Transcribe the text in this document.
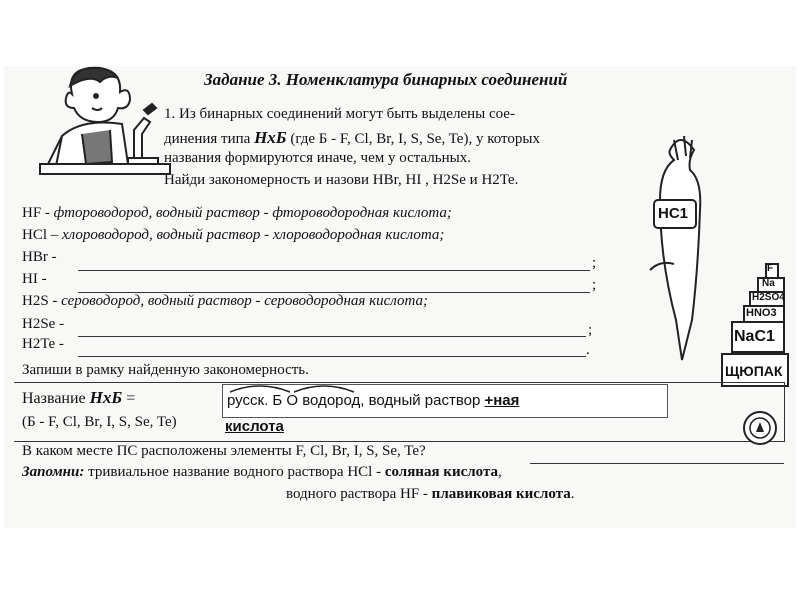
Задание 3. Номенклатура бинарных соединений
1. Из бинарных соединений могут быть выделены сое-
динения типа НxБ (где Б - F, Cl, Br, I, S, Se, Te), у которых
названия формируются иначе, чем у остальных.
Найди закономерность и назови HBr, HI , H2Se и H2Te.
HF - фтороводород, водный раствор - фтороводородная кислота;
HCl – хлороводород, водный раствор - хлороводородная кислота;
HBr -	;
HI -	;
H2S - сероводород, водный раствор - сероводородная кислота;
H2Se -	;
H2Te -	.
HC1
F
Na
H2SO4
HNO3
NaC1
ЩЮПАК
Запиши в рамку найденную закономерность.
Название НxБ =
(Б - F, Cl, Br, I, S, Se, Te)
русск. Б О водород, водный раствор +ная
кислота
В каком месте ПС расположены элементы F, Cl, Br, I, S, Se, Te?
Запомни: тривиальное название водного раствора HCl - соляная кислота,
водного раствора HF - плавиковая кислота.
